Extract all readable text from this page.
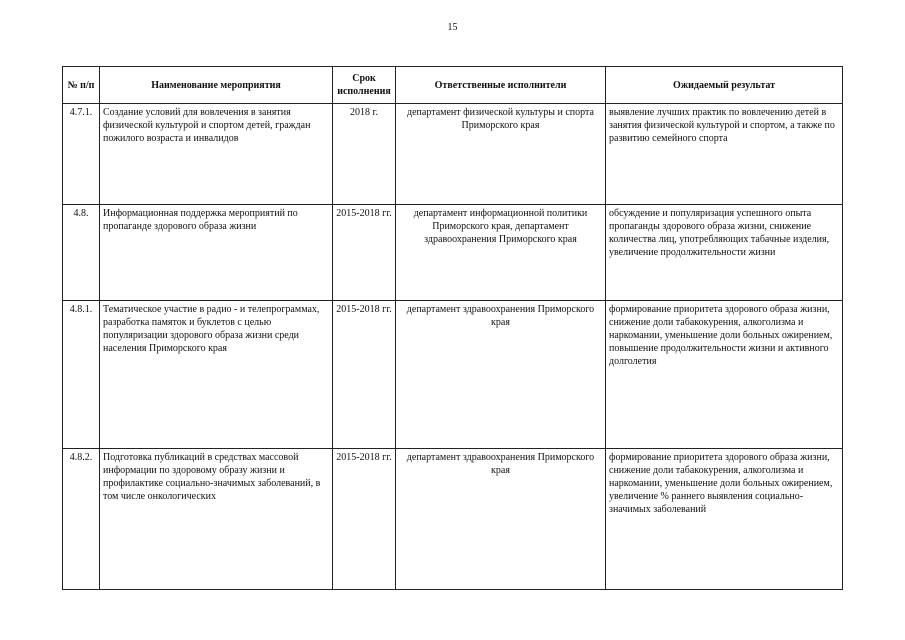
15
№ п/п	Наименование мероприятия	Срок исполнения	Ответственные исполнители	Ожидаемый результат
4.7.1.	Создание условий для вовлечения в занятия физической культурой и спортом детей, граждан пожилого возраста и инвалидов	2018 г.	департамент физической культуры и спорта Приморского края	выявление лучших практик по вовлечению детей в занятия физической культурой и спортом, а также по развитию семейного спорта
4.8.	Информационная поддержка мероприятий по пропаганде здорового образа жизни	2015-2018 гг.	департамент информационной политики Приморского края, департамент здравоохранения Приморского края	обсуждение и популяризация успешного опыта пропаганды здорового образа жизни, снижение количества лиц, употребляющих табачные изделия, увеличение продолжительности жизни
4.8.1.	Тематическое участие в радио - и телепрограммах, разработка памяток и буклетов с целью популяризации здорового образа жизни среди населения Приморского края	2015-2018 гг.	департамент здравоохранения Приморского края	формирование приоритета здорового образа жизни, снижение доли табакокурения, алкоголизма и наркомании, уменьшение доли больных ожирением, повышение продолжительности жизни и активного долголетия
4.8.2.	Подготовка публикаций в средствах массовой информации по здоровому образу жизни и профилактике социально-значимых заболеваний, в том числе онкологических	2015-2018 гг.	департамент здравоохранения Приморского края	формирование приоритета здорового образа жизни, снижение доли табакокурения, алкоголизма и наркомании, уменьшение доли больных ожирением, увеличение % раннего выявления социально-значимых заболеваний
